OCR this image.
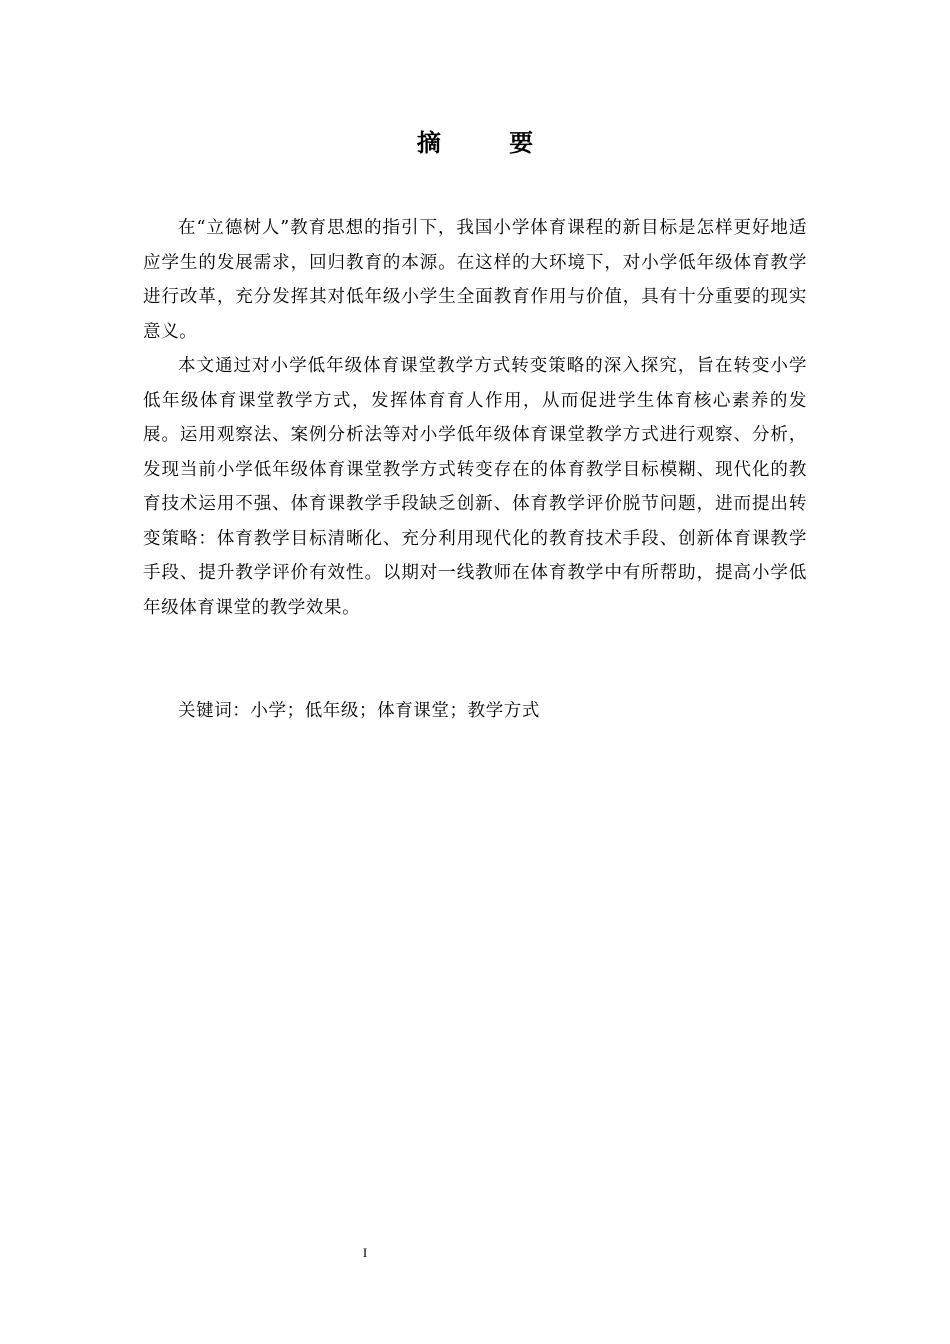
摘 要

在“立德树人”教育思想的指引下，我国小学体育课程的新目标是怎样更好地适应学生的发展需求，回归教育的本源。在这样的大环境下，对小学低年级体育教学进行改革，充分发挥其对低年级小学生全面教育作用与价值，具有十分重要的现实意义。

本文通过对小学低年级体育课堂教学方式转变策略的深入探究，旨在转变小学低年级体育课堂教学方式，发挥体育育人作用，从而促进学生体育核心素养的发展。运用观察法、案例分析法等对小学低年级体育课堂教学方式进行观察、分析，发现当前小学低年级体育课堂教学方式转变存在的体育教学目标模糊、现代化的教育技术运用不强、体育课教学手段缺乏创新、体育教学评价脱节问题，进而提出转变策略：体育教学目标清晰化、充分利用现代化的教育技术手段、创新体育课教学手段、提升教学评价有效性。以期对一线教师在体育教学中有所帮助，提高小学低年级体育课堂的教学效果。

关键词：小学；低年级；体育课堂；教学方式
I
